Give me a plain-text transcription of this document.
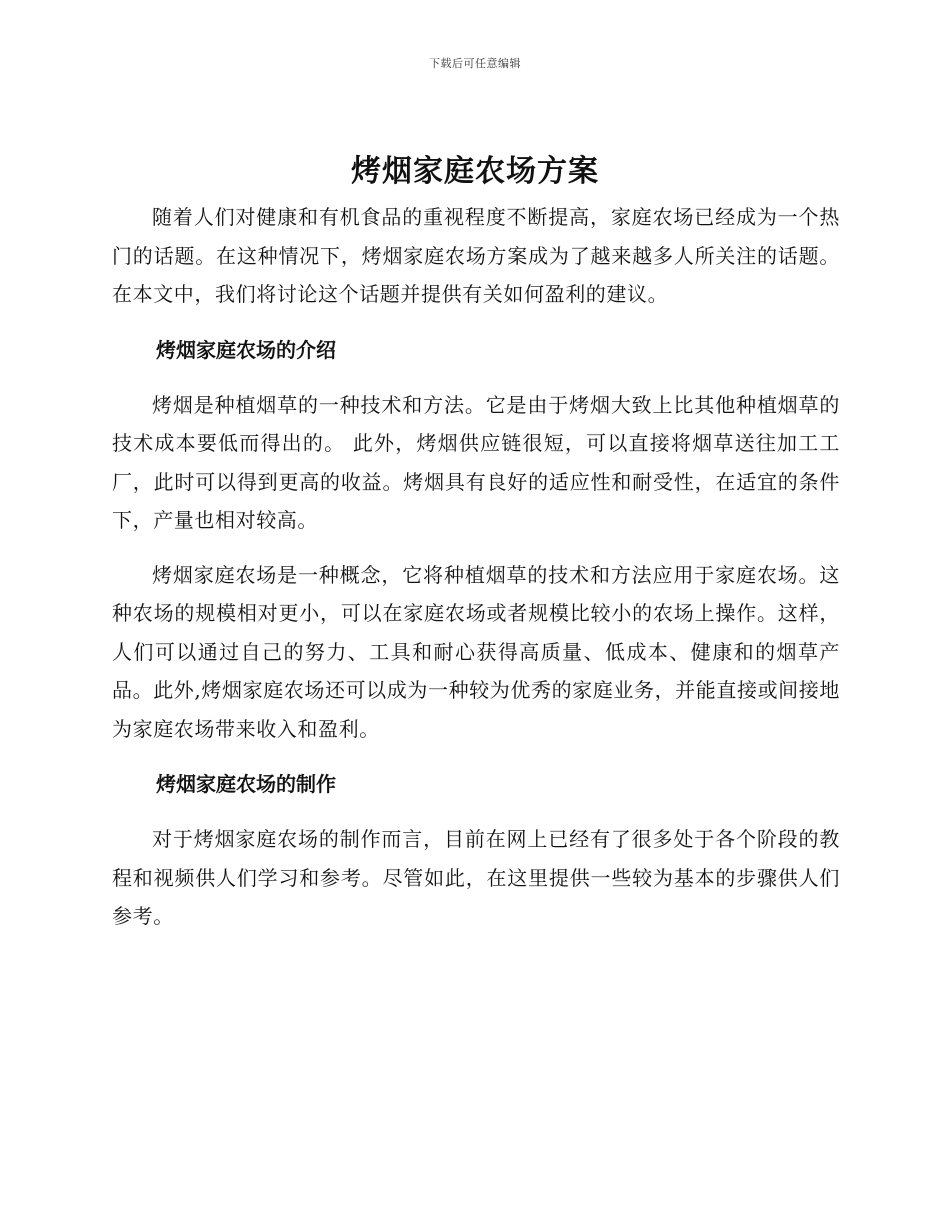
下载后可任意编辑
烤烟家庭农场方案

随着人们对健康和有机食品的重视程度不断提高，家庭农场已经成为一个热门的话题。在这种情况下，烤烟家庭农场方案成为了越来越多人所关注的话题。在本文中，我们将讨论这个话题并提供有关如何盈利的建议。

烤烟家庭农场的介绍

烤烟是种植烟草的一种技术和方法。它是由于烤烟大致上比其他种植烟草的技术成本要低而得出的。 此外，烤烟供应链很短，可以直接将烟草送往加工工厂，此时可以得到更高的收益。烤烟具有良好的适应性和耐受性，在适宜的条件下，产量也相对较高。

烤烟家庭农场是一种概念，它将种植烟草的技术和方法应用于家庭农场。这种农场的规模相对更小，可以在家庭农场或者规模比较小的农场上操作。这样，人们可以通过自己的努力、工具和耐心获得高质量、低成本、健康和的烟草产品。此外,烤烟家庭农场还可以成为一种较为优秀的家庭业务，并能直接或间接地为家庭农场带来收入和盈利。

烤烟家庭农场的制作

对于烤烟家庭农场的制作而言，目前在网上已经有了很多处于各个阶段的教程和视频供人们学习和参考。尽管如此，在这里提供一些较为基本的步骤供人们参考。
